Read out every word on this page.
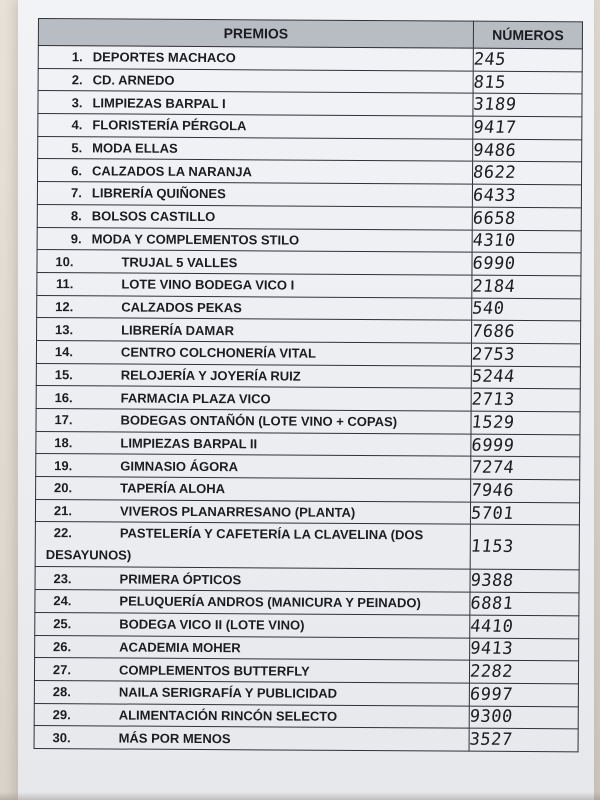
PREMIOS	NÚMEROS
1. DEPORTES MACHACO	245
2. CD. ARNEDO	815
3. LIMPIEZAS BARPAL I	3189
4. FLORISTERÍA PÉRGOLA	9417
5. MODA ELLAS	9486
6. CALZADOS LA NARANJA	8622
7. LIBRERÍA QUIÑONES	6433
8. BOLSOS CASTILLO	6658
9. MODA Y COMPLEMENTOS STILO	4310
10. TRUJAL 5 VALLES	6990
11. LOTE VINO BODEGA VICO I	2184
12. CALZADOS PEKAS	540
13. LIBRERÍA DAMAR	7686
14. CENTRO COLCHONERÍA VITAL	2753
15. RELOJERÍA Y JOYERÍA RUIZ	5244
16. FARMACIA PLAZA VICO	2713
17. BODEGAS ONTAÑÓN (LOTE VINO + COPAS)	1529
18. LIMPIEZAS BARPAL II	6999
19. GIMNASIO ÁGORA	7274
20. TAPERÍA ALOHA	7946
21. VIVEROS PLANARRESANO (PLANTA)	5701
22. PASTELERÍA Y CAFETERÍA LA CLAVELINA (DOS
DESAYUNOS)	1153
23. PRIMERA ÓPTICOS	9388
24. PELUQUERÍA ANDROS (MANICURA Y PEINADO)	6881
25. BODEGA VICO II (LOTE VINO)	4410
26. ACADEMIA MOHER	9413
27. COMPLEMENTOS BUTTERFLY	2282
28. NAILA SERIGRAFÍA Y PUBLICIDAD	6997
29. ALIMENTACIÓN RINCÓN SELECTO	9300
30. MÁS POR MENOS	3527
